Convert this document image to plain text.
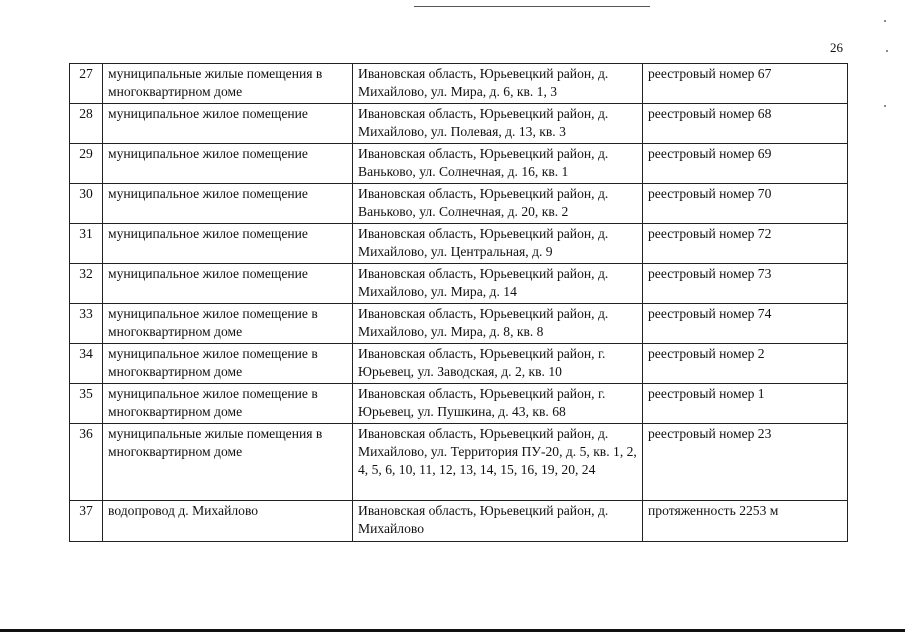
26
27	муниципальные жилые помещения в многоквартирном доме	Ивановская область, Юрьевецкий район, д. Михайлово, ул. Мира, д. 6, кв. 1, 3	реестровый номер 67
28	муниципальное жилое помещение	Ивановская область, Юрьевецкий район, д. Михайлово, ул. Полевая, д. 13, кв. 3	реестровый номер 68
29	муниципальное жилое помещение	Ивановская область, Юрьевецкий район, д. Ваньково, ул. Солнечная, д. 16, кв. 1	реестровый номер 69
30	муниципальное жилое помещение	Ивановская область, Юрьевецкий район, д. Ваньково, ул. Солнечная, д. 20, кв. 2	реестровый номер 70
31	муниципальное жилое помещение	Ивановская область, Юрьевецкий район, д. Михайлово, ул. Центральная, д. 9	реестровый номер 72
32	муниципальное жилое помещение	Ивановская область, Юрьевецкий район, д. Михайлово, ул. Мира, д. 14	реестровый номер 73
33	муниципальное жилое помещение в многоквартирном доме	Ивановская область, Юрьевецкий район, д. Михайлово, ул. Мира, д. 8, кв. 8	реестровый номер 74
34	муниципальное жилое помещение в многоквартирном доме	Ивановская область, Юрьевецкий район, г. Юрьевец, ул. Заводская, д. 2, кв. 10	реестровый номер 2
35	муниципальное жилое помещение в многоквартирном доме	Ивановская область, Юрьевецкий район, г. Юрьевец, ул. Пушкина, д. 43, кв. 68	реестровый номер 1
36	муниципальные жилые помещения в многоквартирном доме	Ивановская область, Юрьевецкий район, д. Михайлово, ул. Территория ПУ-20, д. 5, кв. 1, 2, 4, 5, 6, 10, 11, 12, 13, 14, 15, 16, 19, 20, 24	реестровый номер 23
37	водопровод д. Михайлово	Ивановская область, Юрьевецкий район, д. Михайлово	протяженность 2253 м
